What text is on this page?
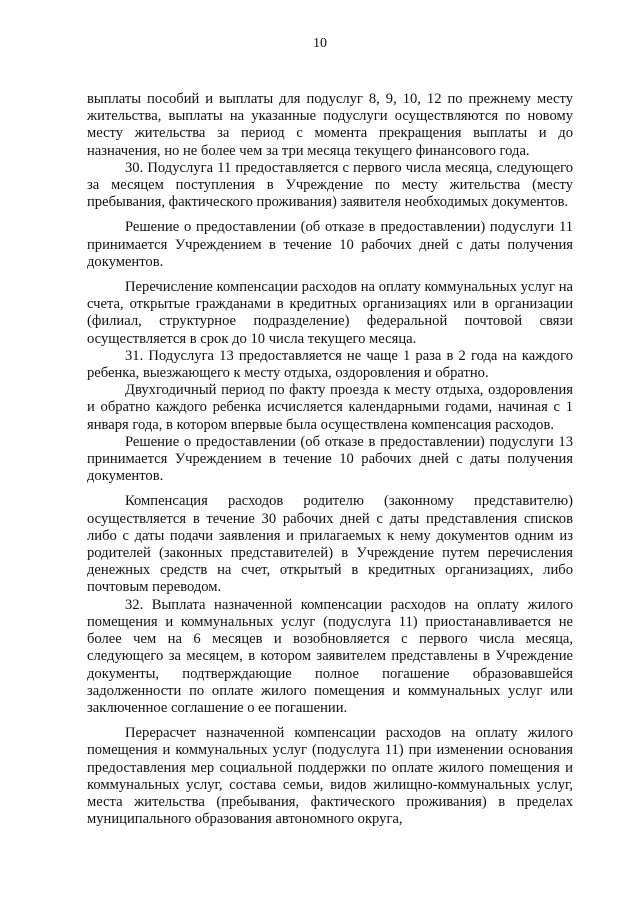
10

выплаты пособий и выплаты для подуслуг 8, 9, 10, 12 по прежнему месту жительства, выплаты на указанные подуслуги осуществляются по новому месту жительства за период с момента прекращения выплаты и до назначения, но не более чем за три месяца текущего финансового года.

30. Подуслуга 11 предоставляется с первого числа месяца, следующего за месяцем поступления в Учреждение по месту жительства (месту пребывания, фактического проживания) заявителя необходимых документов.

Решение о предоставлении (об отказе в предоставлении) подуслуги 11 принимается Учреждением в течение 10 рабочих дней с даты получения документов.

Перечисление компенсации расходов на оплату коммунальных услуг на счета, открытые гражданами в кредитных организациях или в организации (филиал, структурное подразделение) федеральной почтовой связи осуществляется в срок до 10 числа текущего месяца.

31. Подуслуга 13 предоставляется не чаще 1 раза в 2 года на каждого ребенка, выезжающего к месту отдыха, оздоровления и обратно.

Двухгодичный период по факту проезда к месту отдыха, оздоровления и обратно каждого ребенка исчисляется календарными годами, начиная с 1 января года, в котором впервые была осуществлена компенсация расходов.

Решение о предоставлении (об отказе в предоставлении) подуслуги 13 принимается Учреждением в течение 10 рабочих дней с даты получения документов.

Компенсация расходов родителю (законному представителю) осуществляется в течение 30 рабочих дней с даты представления списков либо с даты подачи заявления и прилагаемых к нему документов одним из родителей (законных представителей) в Учреждение путем перечисления денежных средств на счет, открытый в кредитных организациях, либо почтовым переводом.

32. Выплата назначенной компенсации расходов на оплату жилого помещения и коммунальных услуг (подуслуга 11) приостанавливается не более чем на 6 месяцев и возобновляется с первого числа месяца, следующего за месяцем, в котором заявителем представлены в Учреждение документы, подтверждающие полное погашение образовавшейся задолженности по оплате жилого помещения и коммунальных услуг или заключенное соглашение о ее погашении.

Перерасчет назначенной компенсации расходов на оплату жилого помещения и коммунальных услуг (подуслуга 11) при изменении основания предоставления мер социальной поддержки по оплате жилого помещения и коммунальных услуг, состава семьи, видов жилищно-коммунальных услуг, места жительства (пребывания, фактического проживания) в пределах муниципального образования автономного округа,
